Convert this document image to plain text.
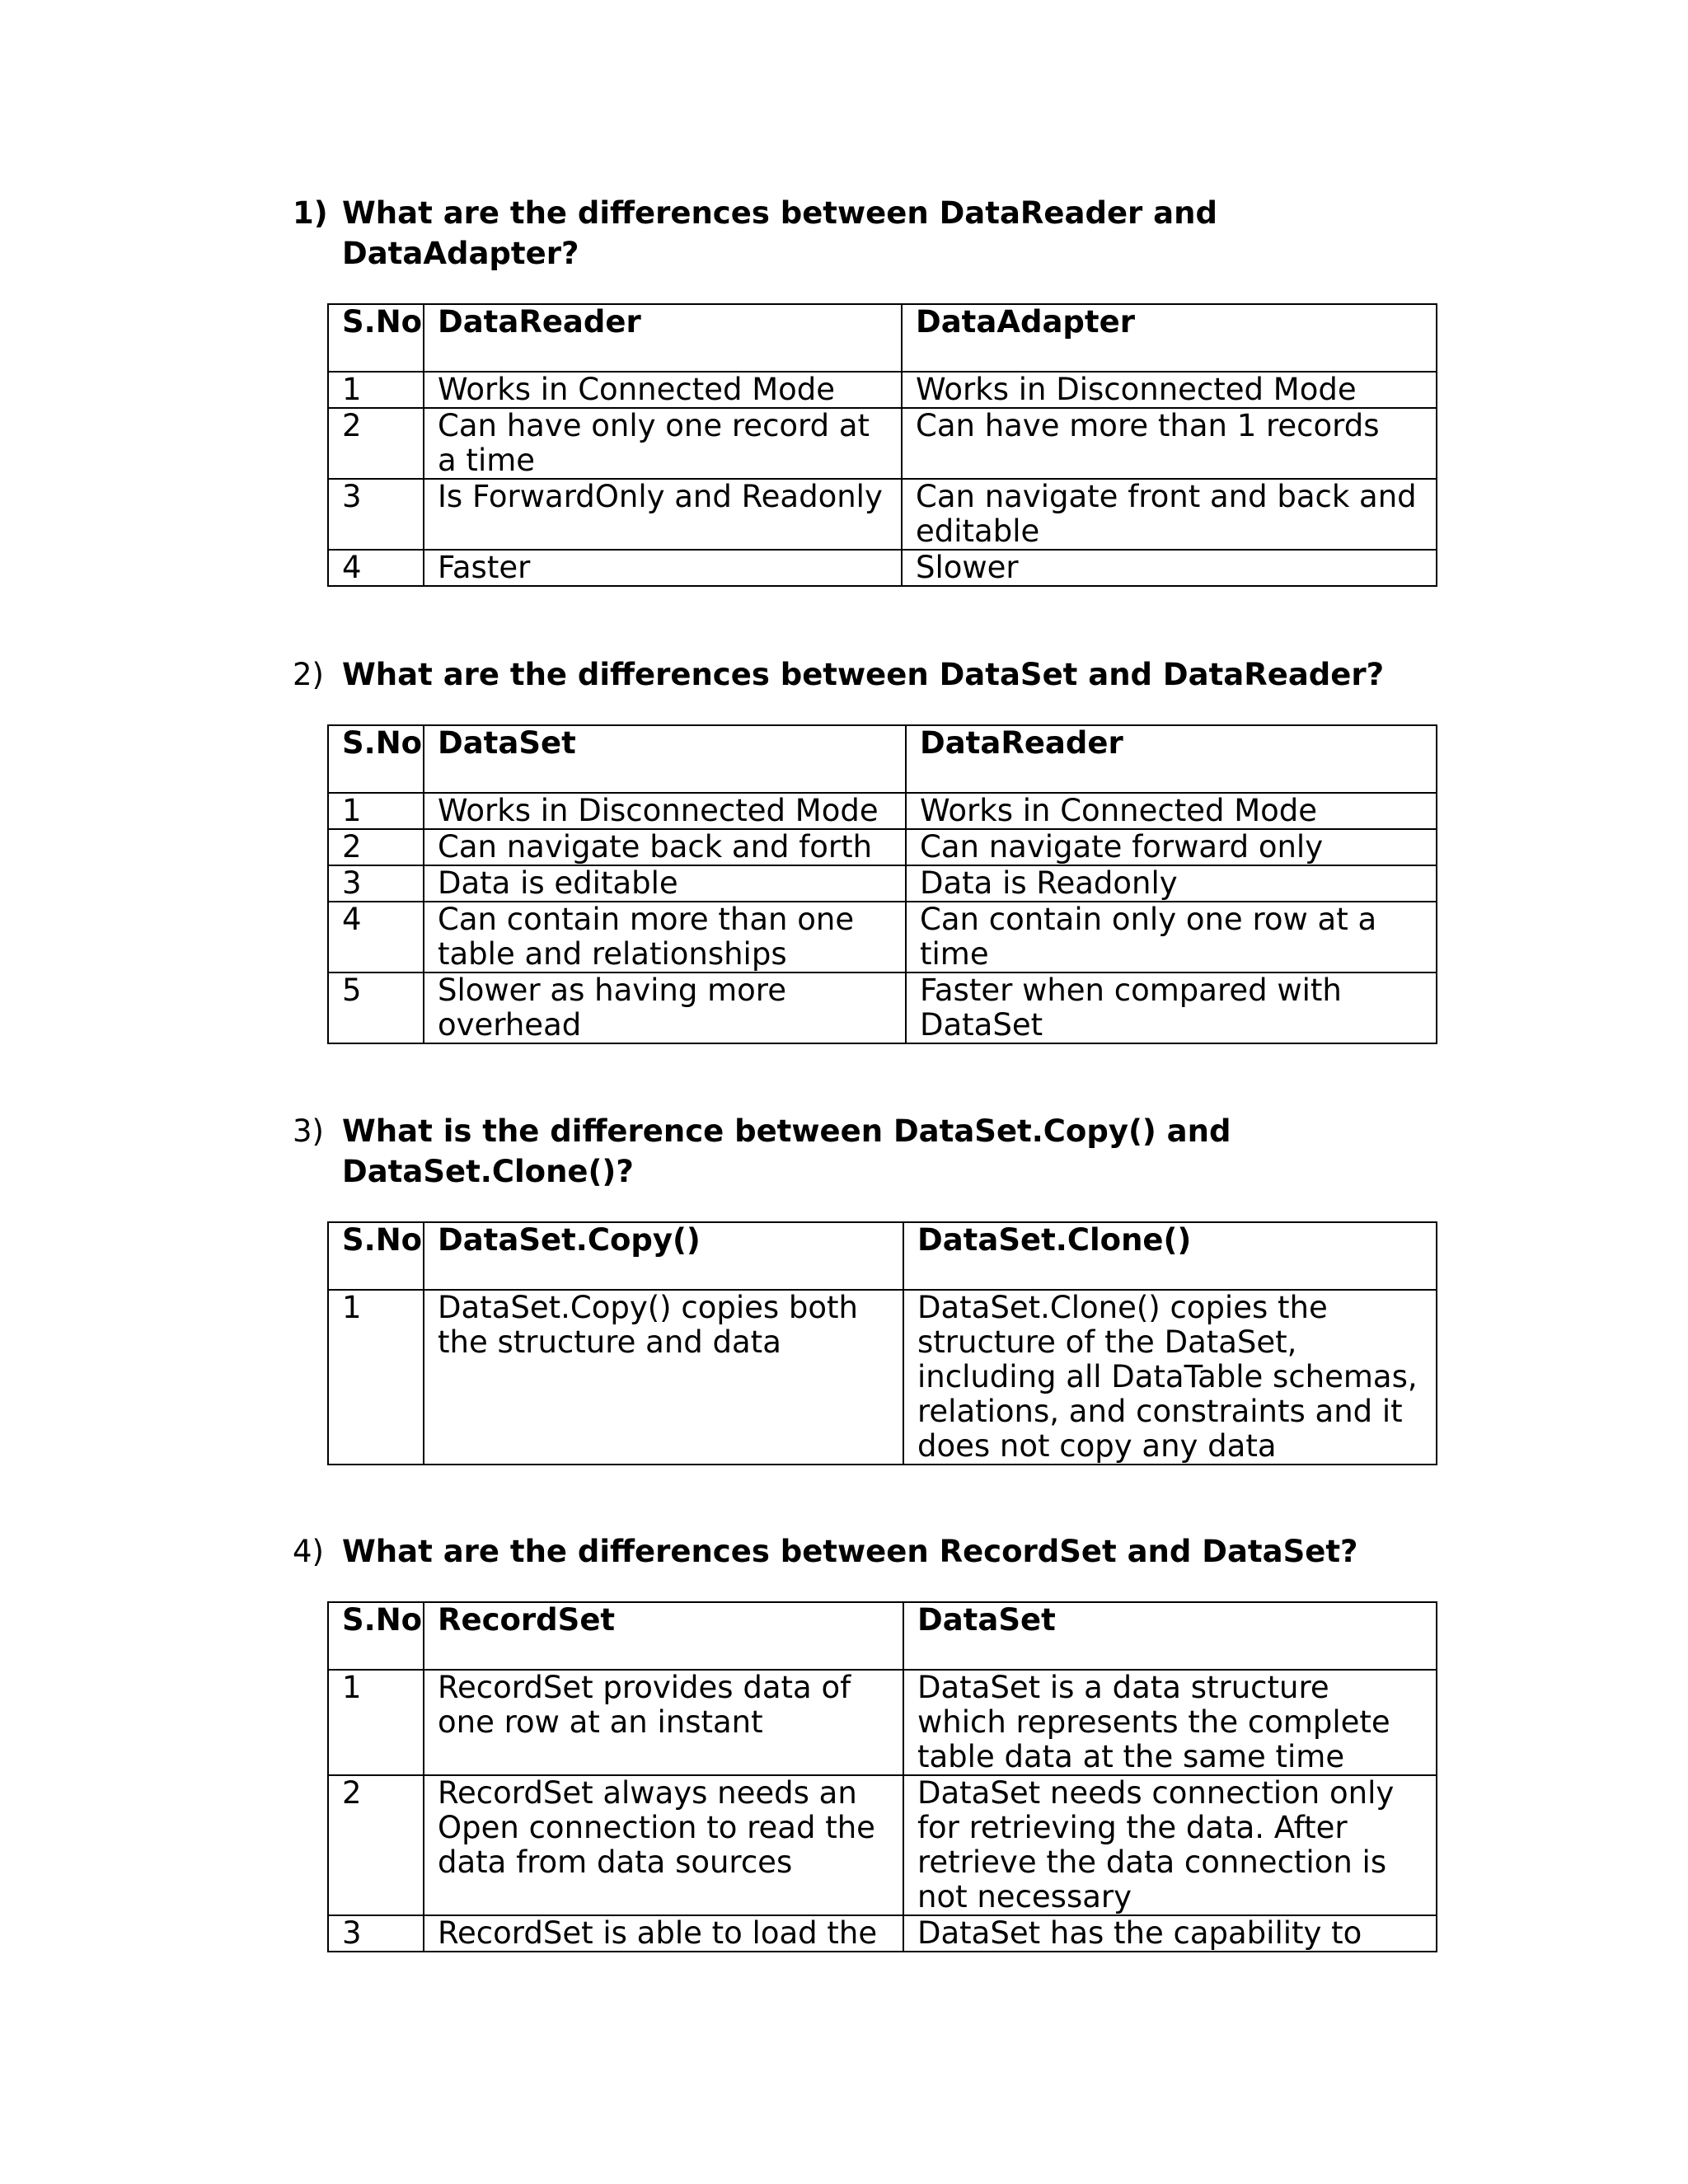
1) What are the differences between DataReader and DataAdapter?
S.No	DataReader	DataAdapter
1	Works in Connected Mode	Works in Disconnected Mode
2	Can have only one record at a time	Can have more than 1 records
3	Is ForwardOnly and Readonly	Can navigate front and back and editable
4	Faster	Slower
2) What are the differences between DataSet and DataReader?
S.No	DataSet	DataReader
1	Works in Disconnected Mode	Works in Connected Mode
2	Can navigate back and forth	Can navigate forward only
3	Data is editable	Data is Readonly
4	Can contain more than one table and relationships	Can contain only one row at a time
5	Slower as having more overhead	Faster when compared with DataSet
3) What is the difference between DataSet.Copy() and DataSet.Clone()?
S.No	DataSet.Copy()	DataSet.Clone()
1	DataSet.Copy() copies both the structure and data	DataSet.Clone() copies the structure of the DataSet, including all DataTable schemas, relations, and constraints and it does not copy any data
4) What are the differences between RecordSet and DataSet?
S.No	RecordSet	DataSet
1	RecordSet provides data of one row at an instant	DataSet is a data structure which represents the complete table data at the same time
2	RecordSet always needs an Open connection to read the data from data sources	DataSet needs connection only for retrieving the data. After retrieve the data connection is not necessary
3	RecordSet is able to load the	DataSet has the capability to
